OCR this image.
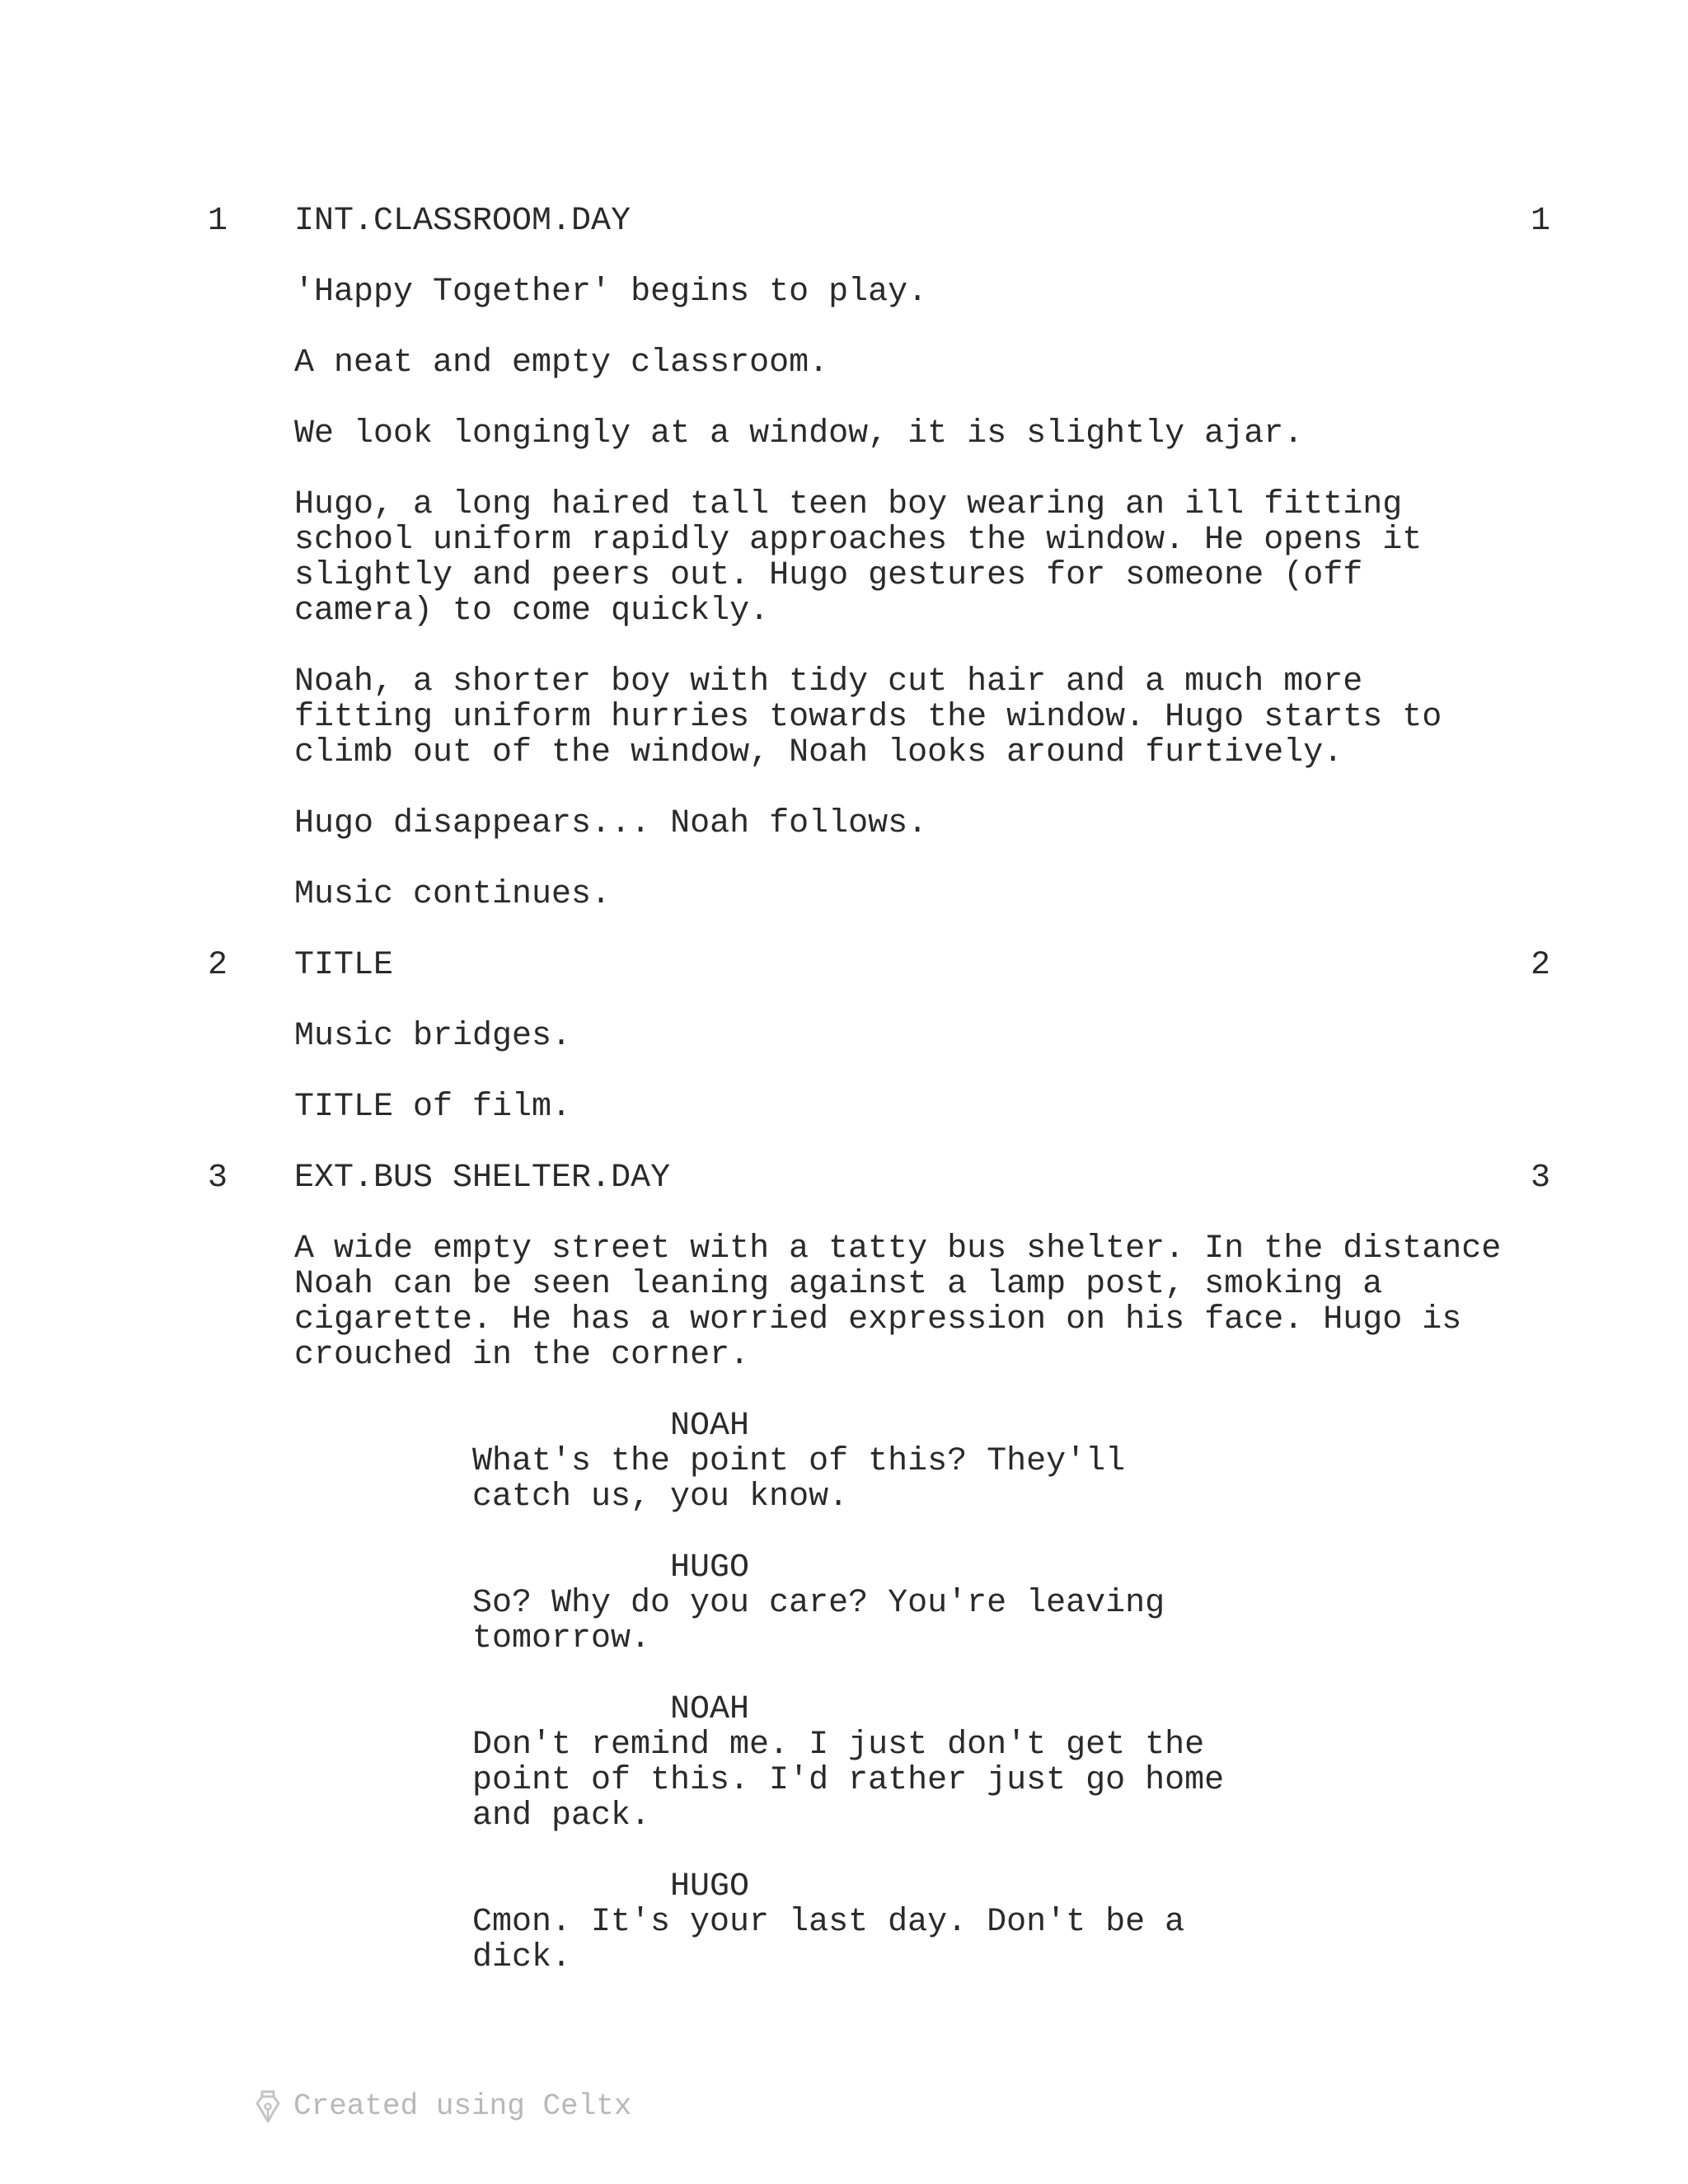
1 INT.CLASSROOM.DAY	1
'Happy Together' begins to play.
A neat and empty classroom.
We look longingly at a window, it is slightly ajar.
Hugo, a long haired tall teen boy wearing an ill fitting
school uniform rapidly approaches the window. He opens it
slightly and peers out. Hugo gestures for someone (off
camera) to come quickly.
Noah, a shorter boy with tidy cut hair and a much more
fitting uniform hurries towards the window. Hugo starts to
climb out of the window, Noah looks around furtively.
Hugo disappears... Noah follows.
Music continues.
2 TITLE	2
Music bridges.
TITLE of film.
3 EXT.BUS SHELTER.DAY	3
A wide empty street with a tatty bus shelter. In the distance
Noah can be seen leaning against a lamp post, smoking a
cigarette. He has a worried expression on his face. Hugo is
crouched in the corner.
NOAH
What's the point of this? They'll
catch us, you know.
HUGO
So? Why do you care? You're leaving
tomorrow.
NOAH
Don't remind me. I just don't get the
point of this. I'd rather just go home
and pack.
HUGO
Cmon. It's your last day. Don't be a
dick.
Created using Celtx
